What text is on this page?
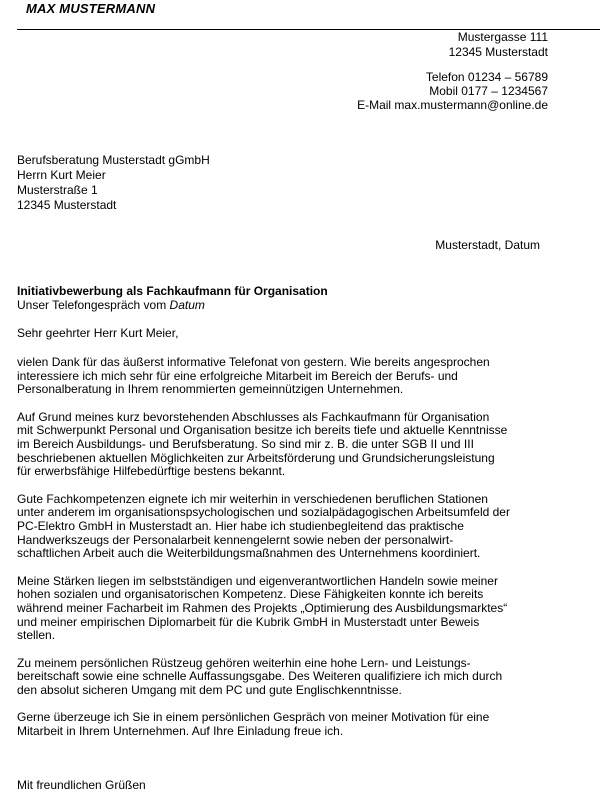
MAX MUSTERMANN
Mustergasse 111
12345 Musterstadt
Telefon 01234 – 56789
Mobil 0177 – 1234567
E-Mail max.mustermann@online.de
Berufsberatung Musterstadt gGmbH
Herrn Kurt Meier
Musterstraße 1
12345 Musterstadt
Musterstadt, Datum
Initiativbewerbung als Fachkaufmann für Organisation
Unser Telefongespräch vom Datum
Sehr geehrter Herr Kurt Meier,

vielen Dank für das äußerst informative Telefonat von gestern. Wie bereits angesprochen
interessiere ich mich sehr für eine erfolgreiche Mitarbeit im Bereich der Berufs- und
Personalberatung in Ihrem renommierten gemeinnützigen Unternehmen.

Auf Grund meines kurz bevorstehenden Abschlusses als Fachkaufmann für Organisation
mit Schwerpunkt Personal und Organisation besitze ich bereits tiefe und aktuelle Kenntnisse
im Bereich Ausbildungs- und Berufsberatung. So sind mir z. B. die unter SGB II und III
beschriebenen aktuellen Möglichkeiten zur Arbeitsförderung und Grundsicherungsleistung
für erwerbsfähige Hilfebedürftige bestens bekannt.

Gute Fachkompetenzen eignete ich mir weiterhin in verschiedenen beruflichen Stationen
unter anderem im organisationspsychologischen und sozialpädagogischen Arbeitsumfeld der
PC-Elektro GmbH in Musterstadt an. Hier habe ich studienbegleitend das praktische
Handwerkszeugs der Personalarbeit kennengelernt sowie neben der personalwirt-
schaftlichen Arbeit auch die Weiterbildungsmaßnahmen des Unternehmens koordiniert.

Meine Stärken liegen im selbstständigen und eigenverantwortlichen Handeln sowie meiner
hohen sozialen und organisatorischen Kompetenz. Diese Fähigkeiten konnte ich bereits
während meiner Facharbeit im Rahmen des Projekts „Optimierung des Ausbildungsmarktes“
und meiner empirischen Diplomarbeit für die Kubrik GmbH in Musterstadt unter Beweis
stellen.

Zu meinem persönlichen Rüstzeug gehören weiterhin eine hohe Lern- und Leistungs-
bereitschaft sowie eine schnelle Auffassungsgabe. Des Weiteren qualifiziere ich mich durch
den absolut sicheren Umgang mit dem PC und gute Englischkenntnisse.

Gerne überzeuge ich Sie in einem persönlichen Gespräch von meiner Motivation für eine
Mitarbeit in Ihrem Unternehmen. Auf Ihre Einladung freue ich.

Mit freundlichen Grüßen
